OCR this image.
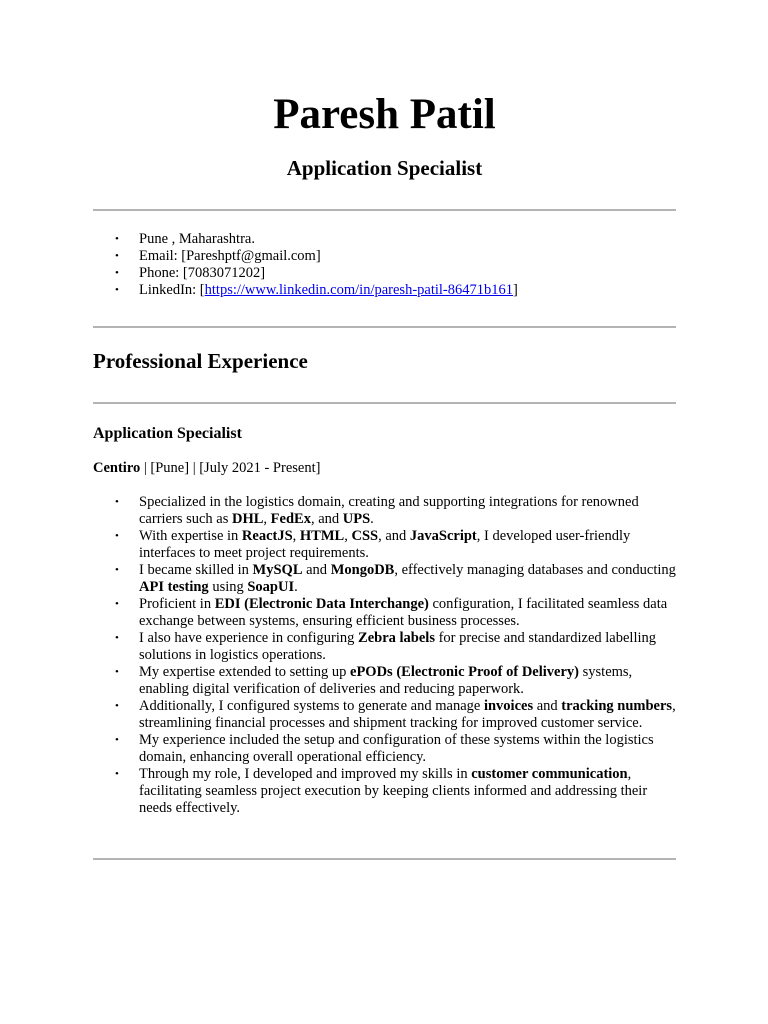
Paresh Patil
Application Specialist
• Pune , Maharashtra.
• Email: [Pareshptf@gmail.com]
• Phone: [7083071202]
• LinkedIn: [https://www.linkedin.com/in/paresh-patil-86471b161]
Professional Experience
Application Specialist

Centiro | [Pune] | [July 2021 - Present]

• Specialized in the logistics domain, creating and supporting integrations for renowned carriers such as DHL, FedEx, and UPS.
• With expertise in ReactJS, HTML, CSS, and JavaScript, I developed user-friendly interfaces to meet project requirements.
• I became skilled in MySQL and MongoDB, effectively managing databases and conducting API testing using SoapUI.
• Proficient in EDI (Electronic Data Interchange) configuration, I facilitated seamless data exchange between systems, ensuring efficient business processes.
• I also have experience in configuring Zebra labels for precise and standardized labelling solutions in logistics operations.
• My expertise extended to setting up ePODs (Electronic Proof of Delivery) systems, enabling digital verification of deliveries and reducing paperwork.
• Additionally, I configured systems to generate and manage invoices and tracking numbers, streamlining financial processes and shipment tracking for improved customer service.
• My experience included the setup and configuration of these systems within the logistics domain, enhancing overall operational efficiency.
• Through my role, I developed and improved my skills in customer communication, facilitating seamless project execution by keeping clients informed and addressing their needs effectively.
